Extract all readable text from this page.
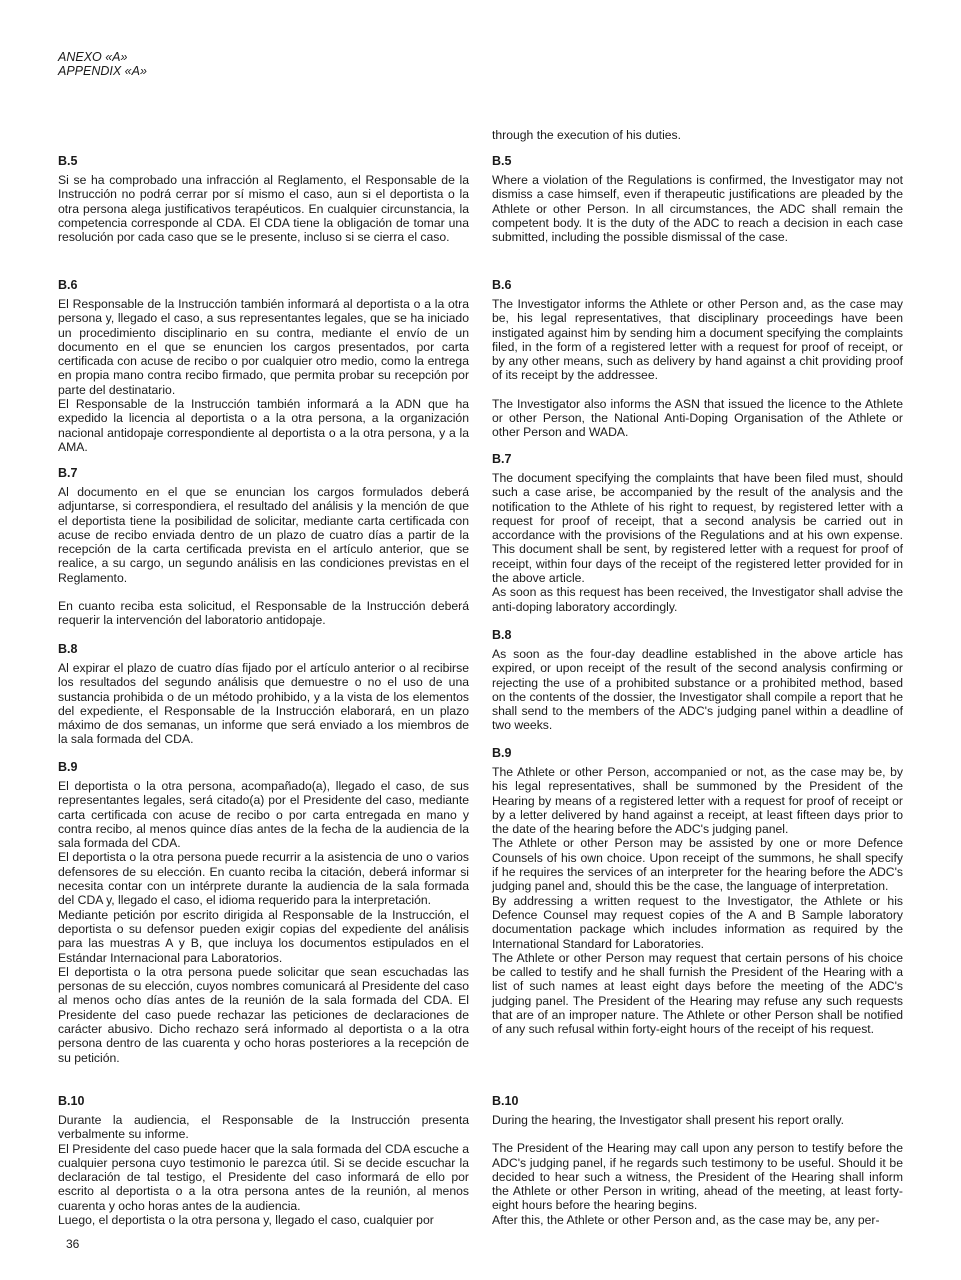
ANEXO «A»
APPENDIX «A»
B.5

Si se ha comprobado una infracción al Reglamento, el Responsable de la Instrucción no podrá cerrar por sí mismo el caso, aun si el deportista o la otra persona alega justificativos terapéuticos. En cualquier circunstancia, la competencia corresponde al CDA. El CDA tiene la obligación de tomar una resolución por cada caso que se le presente, incluso si se cierra el caso.

B.6

El Responsable de la Instrucción también informará al deportista o a la otra persona y, llegado el caso, a sus representantes legales, que se ha iniciado un procedimiento disciplinario en su contra, mediante el envío de un documento en el que se enuncien los cargos presentados, por carta certificada con acuse de recibo o por cualquier otro medio, como la entrega en propia mano contra recibo firmado, que permita probar su recepción por parte del destinatario.

El Responsable de la Instrucción también informará a la ADN que ha expedido la licencia al deportista o a la otra persona, a la organización nacional antidopaje correspondiente al deportista o a la otra persona, y a la AMA.

B.7

Al documento en el que se enuncian los cargos formulados deberá adjuntarse, si correspondiera, el resultado del análisis y la mención de que el deportista tiene la posibilidad de solicitar, mediante carta certificada con acuse de recibo enviada dentro de un plazo de cuatro días a partir de la recepción de la carta certificada prevista en el artículo anterior, que se realice, a su cargo, un segundo análisis en las condiciones previstas en el Reglamento.

En cuanto reciba esta solicitud, el Responsable de la Instrucción deberá requerir la intervención del laboratorio antidopaje.

B.8

Al expirar el plazo de cuatro días fijado por el artículo anterior o al recibirse los resultados del segundo análisis que demuestre o no el uso de una sustancia prohibida o de un método prohibido, y a la vista de los elementos del expediente, el Responsable de la Instrucción elaborará, en un plazo máximo de dos semanas, un informe que será enviado a los miembros de la sala formada del CDA.

B.9

El deportista o la otra persona, acompañado(a), llegado el caso, de sus representantes legales, será citado(a) por el Presidente del caso, mediante carta certificada con acuse de recibo o por carta entregada en mano y contra recibo, al menos quince días antes de la fecha de la audiencia de la sala formada del CDA.

El deportista o la otra persona puede recurrir a la asistencia de uno o varios defensores de su elección. En cuanto reciba la citación, deberá informar si necesita contar con un intérprete durante la audiencia de la sala formada del CDA y, llegado el caso, el idioma requerido para la interpretación.

Mediante petición por escrito dirigida al Responsable de la Instrucción, el deportista o su defensor pueden exigir copias del expediente del análisis para las muestras A y B, que incluya los documentos estipulados en el Estándar Internacional para Laboratorios.

El deportista o la otra persona puede solicitar que sean escuchadas las personas de su elección, cuyos nombres comunicará al Presidente del caso al menos ocho días antes de la reunión de la sala formada del CDA. El Presidente del caso puede rechazar las peticiones de declaraciones de carácter abusivo. Dicho rechazo será informado al deportista o a la otra persona dentro de las cuarenta y ocho horas posteriores a la recepción de su petición.

B.10

Durante la audiencia, el Responsable de la Instrucción presenta verbalmente su informe.

El Presidente del caso puede hacer que la sala formada del CDA escuche a cualquier persona cuyo testimonio le parezca útil. Si se decide escuchar la declaración de tal testigo, el Presidente del caso informará de ello por escrito al deportista o a la otra persona antes de la reunión, al menos cuarenta y ocho horas antes de la audiencia.

Luego, el deportista o la otra persona y, llegado el caso, cualquier por

through the execution of his duties.

B.5

Where a violation of the Regulations is confirmed, the Investigator may not dismiss a case himself, even if therapeutic justifications are pleaded by the Athlete or other Person. In all circumstances, the ADC shall remain the competent body. It is the duty of the ADC to reach a decision in each case submitted, including the possible dismissal of the case.

B.6

The Investigator informs the Athlete or other Person and, as the case may be, his legal representatives, that disciplinary proceedings have been instigated against him by sending him a document specifying the complaints filed, in the form of a registered letter with a request for proof of receipt, or by any other means, such as delivery by hand against a chit providing proof of its receipt by the addressee.

The Investigator also informs the ASN that issued the licence to the Athlete or other Person, the National Anti-Doping Organisation of the Athlete or other Person and WADA.

B.7

The document specifying the complaints that have been filed must, should such a case arise, be accompanied by the result of the analysis and the notification to the Athlete of his right to request, by registered letter with a request for proof of receipt, that a second analysis be carried out in accordance with the provisions of the Regulations and at his own expense. This document shall be sent, by registered letter with a request for proof of receipt, within four days of the receipt of the registered letter provided for in the above article.

As soon as this request has been received, the Investigator shall advise the anti-doping laboratory accordingly.

B.8

As soon as the four-day deadline established in the above article has expired, or upon receipt of the result of the second analysis confirming or rejecting the use of a prohibited substance or a prohibited method, based on the contents of the dossier, the Investigator shall compile a report that he shall send to the members of the ADC's judging panel within a deadline of two weeks.

B.9

The Athlete or other Person, accompanied or not, as the case may be, by his legal representatives, shall be summoned by the President of the Hearing by means of a registered letter with a request for proof of receipt or by a letter delivered by hand against a receipt, at least fifteen days prior to the date of the hearing before the ADC's judging panel.

The Athlete or other Person may be assisted by one or more Defence Counsels of his own choice. Upon receipt of the summons, he shall specify if he requires the services of an interpreter for the hearing before the ADC's judging panel and, should this be the case, the language of interpretation.

By addressing a written request to the Investigator, the Athlete or his Defence Counsel may request copies of the A and B Sample laboratory documentation package which includes information as required by the International Standard for Laboratories.

The Athlete or other Person may request that certain persons of his choice be called to testify and he shall furnish the President of the Hearing with a list of such names at least eight days before the meeting of the ADC's judging panel. The President of the Hearing may refuse any such requests that are of an improper nature. The Athlete or other Person shall be notified of any such refusal within forty-eight hours of the receipt of his request.

B.10

During the hearing, the Investigator shall present his report orally.

The President of the Hearing may call upon any person to testify before the ADC's judging panel, if he regards such testimony to be useful. Should it be decided to hear such a witness, the President of the Hearing shall inform the Athlete or other Person in writing, ahead of the meeting, at least forty-eight hours before the hearing begins.

After this, the Athlete or other Person and, as the case may be, any per-

36
